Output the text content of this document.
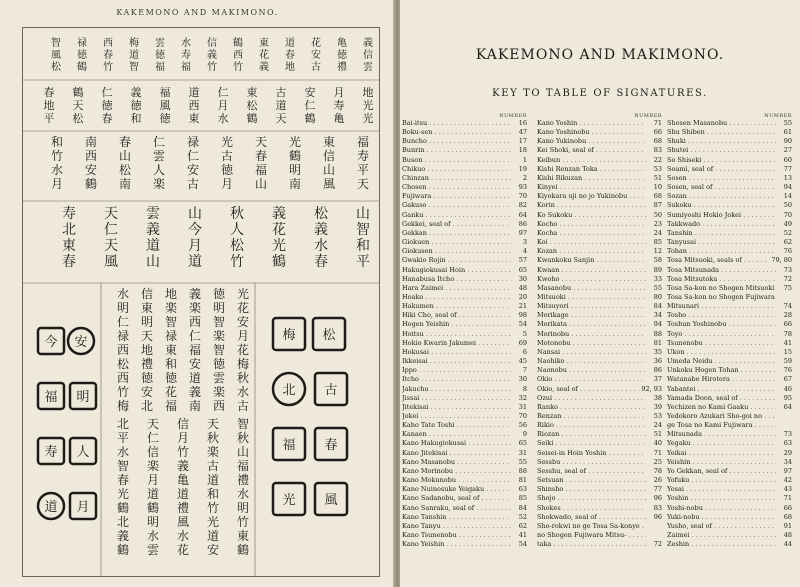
KAKEMONO AND MAKIMONO.
義
信
雲
亀
徳
禮
花
安
古
道
春
地
東
花
義
鶴
西
竹
信
義
竹
水
寿
福
雲
徳
福
梅
道
智
西
春
竹
禄
徳
鶴
智
風
松
地
光
光
月
寿
亀
安
仁
鶴
古
道
天
東
松
鶴
仁
月
水
道
西
東
福
風
徳
義
徳
和
仁
徳
春
鶴
天
松
春
地
平
福
寿
平
天
東
信
山
風
光
鶴
明
南
天
春
福
山
光
古
徳
月
禄
仁
安
古
仁
雲
人
楽
春
山
松
南
南
西
安
鶴
和
竹
水
月
山
智
和
平
松
義
水
春
義
花
光
鶴
秋
人
松
竹
山
今
月
道
雲
義
道
山
天
仁
天
風
寿
北
東
春
光
花
安
月
花
梅
秋
水
古
徳
明
智
楽
智
徳
雲
楽
西
義
楽
西
仁
福
安
道
義
南
地
楽
智
禄
東
和
徳
花
福
信
東
明
天
地
禮
徳
安
北
水
明
仁
禄
西
松
西
竹
梅
智
秋
山
福
禮
水
明
竹
東
鶴
天
秋
楽
古
道
和
竹
光
道
安
信
月
竹
義
亀
道
禮
風
水
花
天
仁
信
楽
月
道
鶴
明
水
雲
北
平
水
智
春
光
鶴
北
義
鶴
今 安
福 明
寿 人
道 月
梅 松
北 古
福 春
光 風
KAKEMONO AND MAKIMONO.
KEY TO TABLE OF SIGNATURES.
NUMBER
Bai-itsu . . .	16
Boku-sen . . .	47
Buncho . . .	17
Bunrin . . .	18
Buson . . .	1
Chikuo . . .	19
Chinzan . . .	2
Chosen . . .	93
Fujiwara . . .	70
Gakuso . . .	82
Ganku . . .	64
Gekkei, seal of . . .	86
Gekkan . . .	97
Giokuen . . .	3
Giokusen . . .	4
Gwakio Rojin . . .	57
Hakugiokusai Hoin . . .	65
Hanabusa Itcho . . .	30
Hara Zaimei . . .	48
Hoako . . .	20
Hakumen . . .	21
Hiki Cho, seal of . . .	98
Hogen Yeishin . . .	54
Hoitsu . . .	5
Hokio Kwarin Jakumei . . .	69
Hokusai . . .	6
Ikkeisai . . .	45
Ippo . . .	7
Itcho . . .	30
Jakuchu . . .	8
Jissai . . .	32
Jitekisai . . .	31
Jokei . . .	70
Kaho Tate Toshi . . .	56
Kanaen . . .	9
Kano Hakugiokusai . . .	65
Kano Jitekisai . . .	31
Kano Masanobu . . .	55
Kano Morinobu . . .	88
Kano Mokunobu . . .	81
Kano Nuinosuke Yeigaku . . .	63
Kano Sadanobu, seal of . . .	85
Kano Sanraku, seal of . . .	84
Kano Tanshin . . .	52
Kano Tanyu . . .	62
Kano Tsunenobu . . .	41
Kano Yeishin . . .	54
NUMBER
Kano Yoshin . . .	71
Kano Yoshinobu . . .	66
Kano Yukinobu . . .	68
Kei Shoki, seal of . . .	83
Keibun . . .	22
Kishi Renzan Toka . . .	53
Kishi Rikuzan . . .	51
Kinyei . . .	10
Kiyokara uji no jo Yukinobu . . .	68
Korin . . .	87
Ko Sukoku . . .	50
Kocho . . .	23
Kocha . . .	24
Koi . . .	85
Kozan . . .	12
Kwankoku Sanjin . . .	58
Kwaan . . .	89
Kwoho . . .	33
Masanobu . . .	55
Mitsuoki . . .	80
Mitsuyori . . .	84
Morikage . . .	34
Morikata . . .	94
Morinobu . . .	88
Motonobu . . .	81
Nansai . . .	35
Naohiko . . .	36
Naonobu . . .	86
Okio . . .	37
Okio, seal of . . .	92, 93
Ozui . . .	38
Ranko . . .	39
Renzan . . .	53
Rikio . . .	24
Riozan . . .	51
Seiki . . .	40
Seisei-in Hoin Yoshin . . .	71
Sessbu . . .	25
Sesshu, seal of . . .	78
Setsuan . . .	26
Shinsho . . .	77
Shojo . . .	96
Shokes . . .	83
Shokwado, seal of . . .	96
Sho-rokwi no ge Tosa Sa-konye . . .
no Shogen Fujiwara Mitsu- . . .
taka . . .	72
NUMBER
Shosen Masanobu . . .	55
Shu Shiben . . .	61
Shuki . . .	90
Shutei . . .	27
So Shiseki . . .	60
Soami, seal of . . .	77
Sosen . . .	13
Sosen, seal of . . .	94
Sozan . . .	14
Sukoku . . .	50
Sumiyoshi Hokio Jokei . . .	70
Takkwado . . .	49
Tanshin . . .	52
Tanyusai . . .	62
Tohan . . .	76
Tosa Mitsuoki, seals of . . .	79, 80
Tosa Mitsunada . . .	73
Tosa Mitsutoka . . .	72
Tosa Sa-kon no Shogen Mitsuoki . . .	75
Tosa Sa-kon no Shogen Fujiwara . . .
Mitsunari . . .	74
Tosho . . .	28
Toshun Yoshinobu . . .	66
Toyo . . .	78
Tsunenobu . . .	41
Ukon . . .	15
Umeda Neidu . . .	59
Unkoku Hogen Tohan . . .	76
Watanabe Hirotera . . .	67
Yabantei . . .	46
Yamada Doon, seal of . . .	95
Yechizen no Kami Gaaku . . .	64
Yedokoro Azukari Sho-goi no . . .
ge Tosa no Kami Fujiwara . . .
Mitsunada . . .	73
Yegaku . . .	63
Yeikai . . .	29
Yeishin . . .	34
Yo Gekkan, seal of . . .	97
Yofuku . . .	42
Yosai . . .	43
Yoshin . . .	71
Yoshi-nobu . . .	66
Yuki-nobu . . .	68
Yusho, seal of . . .	91
Zaimei . . .	48
Zeshin . . .	44
